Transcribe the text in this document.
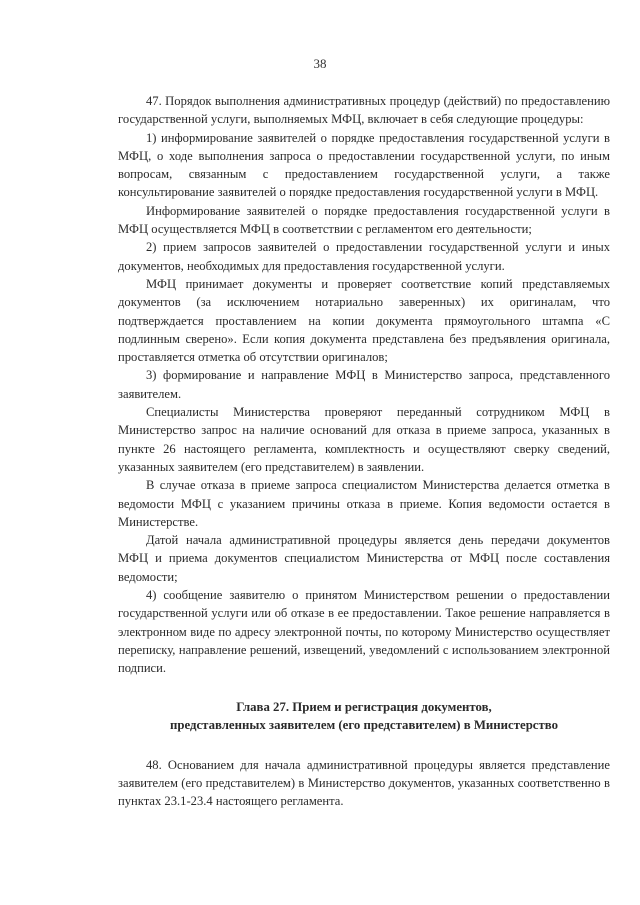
38

47. Порядок выполнения административных процедур (действий) по предоставлению государственной услуги, выполняемых МФЦ, включает в себя следующие процедуры:

1) информирование заявителей о порядке предоставления государственной услуги в МФЦ, о ходе выполнения запроса о предоставлении государственной услуги, по иным вопросам, связанным с предоставлением государственной услуги, а также консультирование заявителей о порядке предоставления государственной услуги в МФЦ.

Информирование заявителей о порядке предоставления государственной услуги в МФЦ осуществляется МФЦ в соответствии с регламентом его деятельности;

2) прием запросов заявителей о предоставлении государственной услуги и иных документов, необходимых для предоставления государственной услуги.

МФЦ принимает документы и проверяет соответствие копий представляемых документов (за исключением нотариально заверенных) их оригиналам, что подтверждается проставлением на копии документа прямоугольного штампа «С подлинным сверено». Если копия документа представлена без предъявления оригинала, проставляется отметка об отсутствии оригиналов;

3) формирование и направление МФЦ в Министерство запроса, представленного заявителем.

Специалисты Министерства проверяют переданный сотрудником МФЦ в Министерство запрос на наличие оснований для отказа в приеме запроса, указанных в пункте 26 настоящего регламента, комплектность и осуществляют сверку сведений, указанных заявителем (его представителем) в заявлении.

В случае отказа в приеме запроса специалистом Министерства делается отметка в ведомости МФЦ с указанием причины отказа в приеме. Копия ведомости остается в Министерстве.

Датой начала административной процедуры является день передачи документов МФЦ и приема документов специалистом Министерства от МФЦ после составления ведомости;

4) сообщение заявителю о принятом Министерством решении о предоставлении государственной услуги или об отказе в ее предоставлении. Такое решение направляется в электронном виде по адресу электронной почты, по которому Министерство осуществляет переписку, направление решений, извещений, уведомлений с использованием электронной подписи.

Глава 27. Прием и регистрация документов,
представленных заявителем (его представителем) в Министерство

48. Основанием для начала административной процедуры является представление заявителем (его представителем) в Министерство документов, указанных соответственно в пунктах 23.1-23.4 настоящего регламента.
